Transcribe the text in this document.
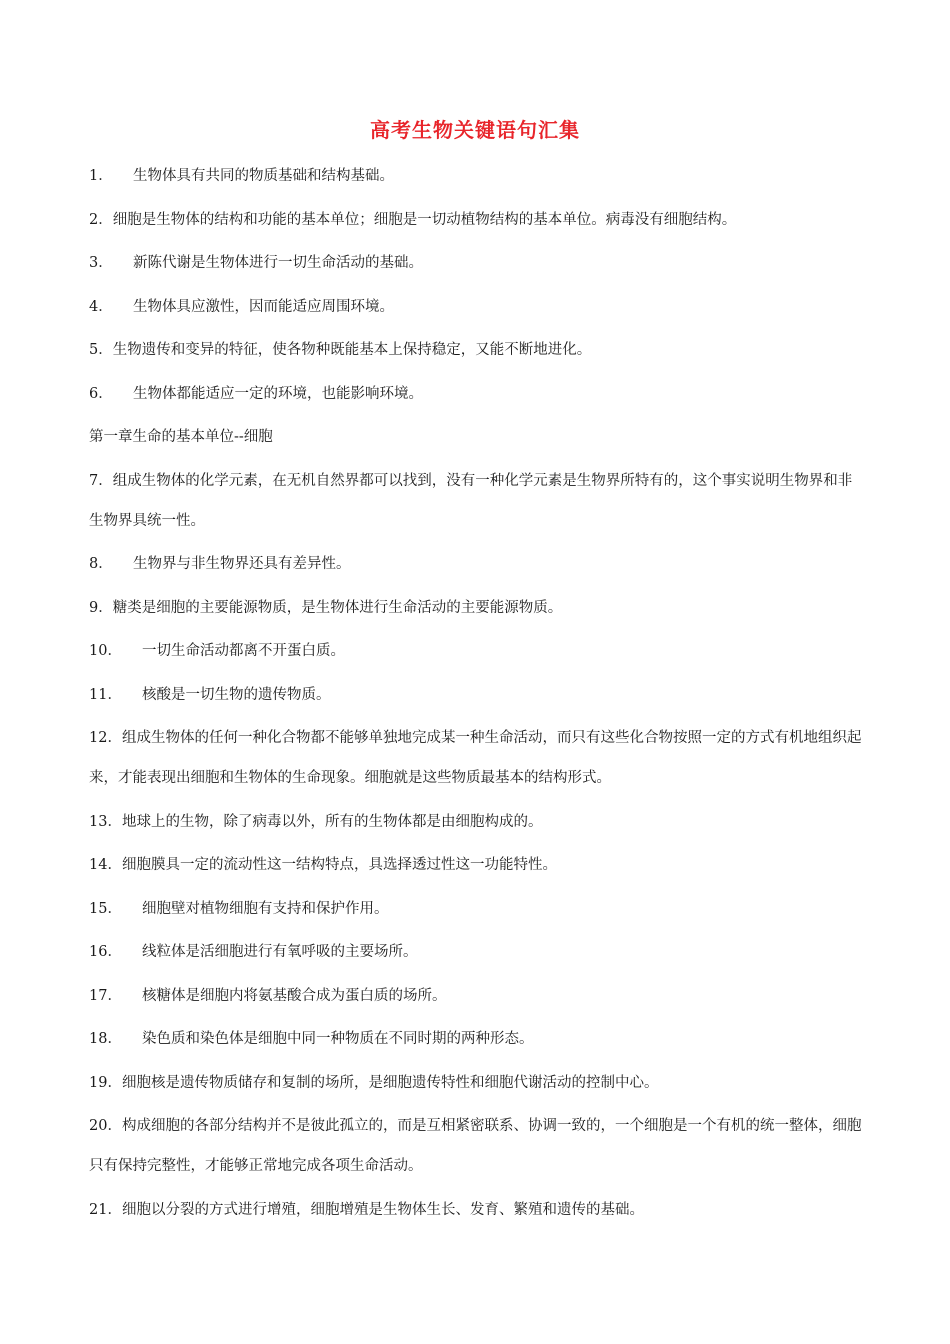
高考生物关键语句汇集

1． 生物体具有共同的物质基础和结构基础。

2．细胞是生物体的结构和功能的基本单位；细胞是一切动植物结构的基本单位。病毒没有细胞结构。

3． 新陈代谢是生物体进行一切生命活动的基础。

4． 生物体具应激性，因而能适应周围环境。

5．生物遗传和变异的特征，使各物种既能基本上保持稳定，又能不断地进化。

6． 生物体都能适应一定的环境，也能影响环境。

第一章生命的基本单位--细胞

7．组成生物体的化学元素，在无机自然界都可以找到，没有一种化学元素是生物界所特有的，这个事实说明生物界和非生物界具统一性。

8． 生物界与非生物界还具有差异性。

9．糖类是细胞的主要能源物质，是生物体进行生命活动的主要能源物质。

10． 一切生命活动都离不开蛋白质。

11． 核酸是一切生物的遗传物质。

12．组成生物体的任何一种化合物都不能够单独地完成某一种生命活动，而只有这些化合物按照一定的方式有机地组织起来，才能表现出细胞和生物体的生命现象。细胞就是这些物质最基本的结构形式。

13．地球上的生物，除了病毒以外，所有的生物体都是由细胞构成的。

14．细胞膜具一定的流动性这一结构特点，具选择透过性这一功能特性。

15． 细胞壁对植物细胞有支持和保护作用。

16． 线粒体是活细胞进行有氧呼吸的主要场所。

17． 核糖体是细胞内将氨基酸合成为蛋白质的场所。

18． 染色质和染色体是细胞中同一种物质在不同时期的两种形态。

19．细胞核是遗传物质储存和复制的场所，是细胞遗传特性和细胞代谢活动的控制中心。

20．构成细胞的各部分结构并不是彼此孤立的，而是互相紧密联系、协调一致的，一个细胞是一个有机的统一整体，细胞只有保持完整性，才能够正常地完成各项生命活动。

21．细胞以分裂的方式进行增殖，细胞增殖是生物体生长、发育、繁殖和遗传的基础。
